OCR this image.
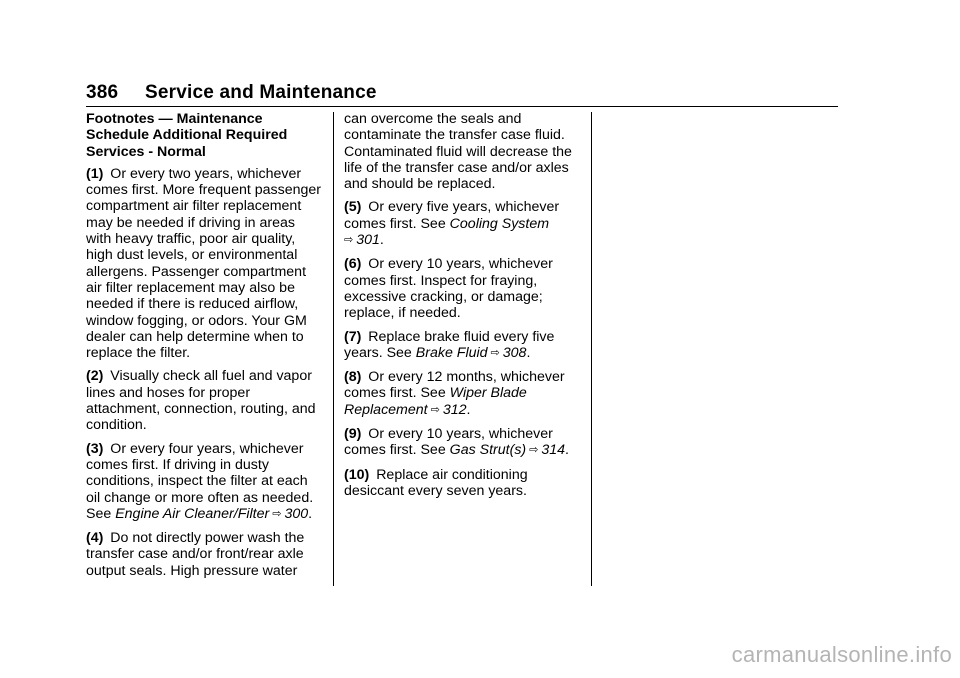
386 Service and Maintenance
Footnotes — Maintenance Schedule Additional Required Services - Normal

(1) Or every two years, whichever comes first. More frequent passenger compartment air filter replacement may be needed if driving in areas with heavy traffic, poor air quality, high dust levels, or environmental allergens. Passenger compartment air filter replacement may also be needed if there is reduced airflow, window fogging, or odors. Your GM dealer can help determine when to replace the filter.

(2) Visually check all fuel and vapor lines and hoses for proper attachment, connection, routing, and condition.

(3) Or every four years, whichever comes first. If driving in dusty conditions, inspect the filter at each oil change or more often as needed. See Engine Air Cleaner/Filter ⇨ 300.

(4) Do not directly power wash the transfer case and/or front/rear axle output seals. High pressure water

can overcome the seals and contaminate the transfer case fluid. Contaminated fluid will decrease the life of the transfer case and/or axles and should be replaced.

(5) Or every five years, whichever comes first. See Cooling System
⇨ 301.

(6) Or every 10 years, whichever comes first. Inspect for fraying, excessive cracking, or damage; replace, if needed.

(7) Replace brake fluid every five years. See Brake Fluid ⇨ 308.

(8) Or every 12 months, whichever comes first. See Wiper Blade Replacement ⇨ 312.

(9) Or every 10 years, whichever comes first. See Gas Strut(s) ⇨ 314.

(10) Replace air conditioning desiccant every seven years.

carmanualsonline.info
